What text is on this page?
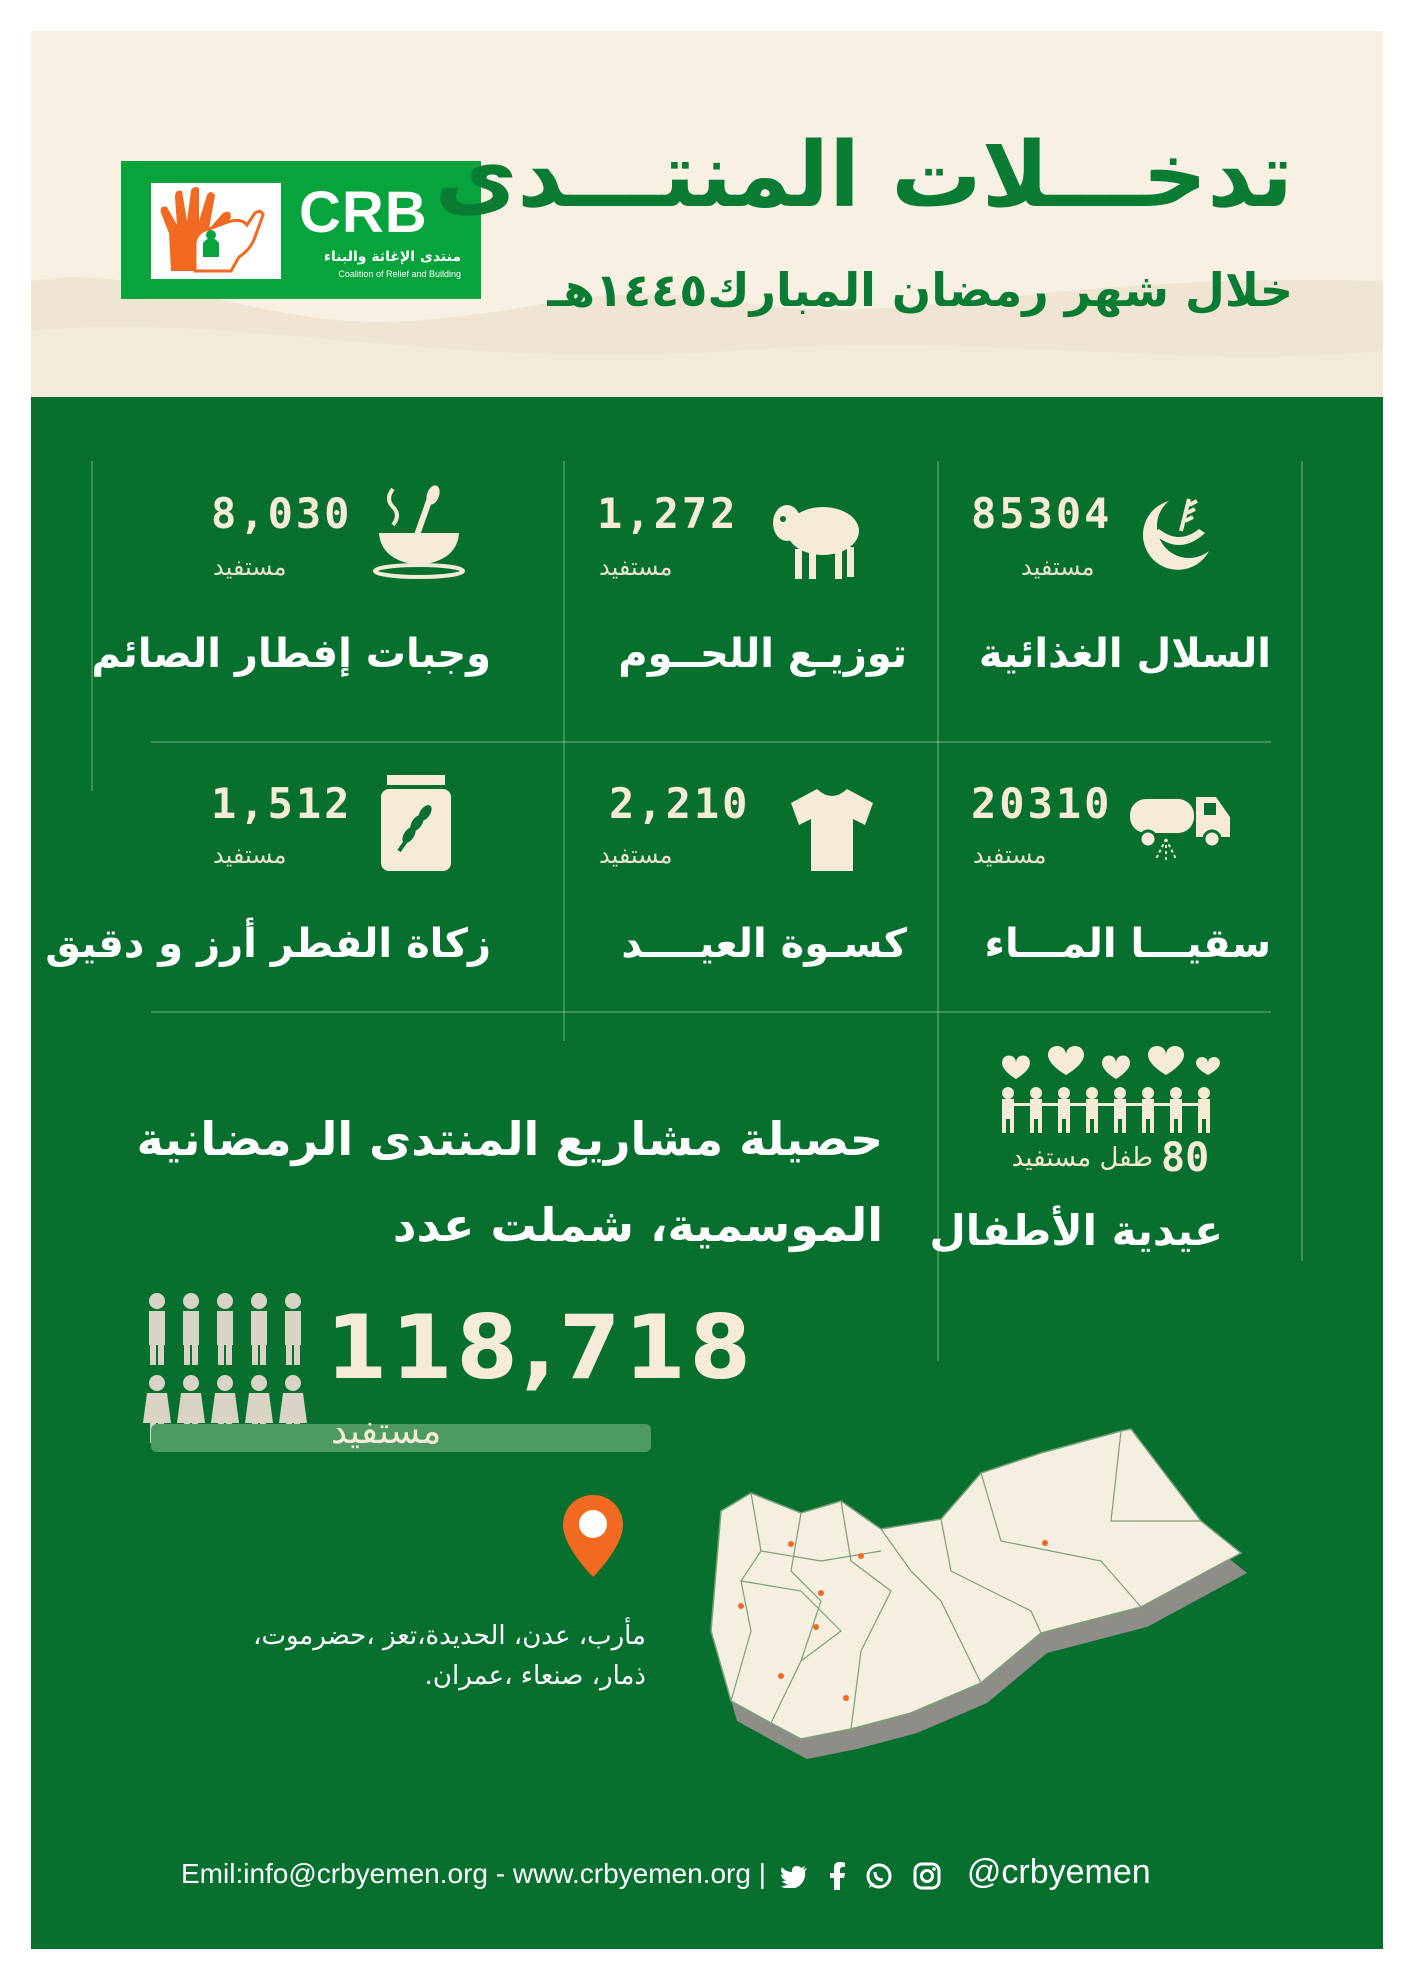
CRB
منتدى الإغاثة والبناء
Coalition of Relief and Building
تدخـــلات المنتـــدى
خلال شهر رمضان المبارك١٤٤٥هـ
85304
مستفيد
السلال الغذائية
1,272
مستفيد
توزيـع اللحــوم
8,030
مستفيد
وجبات إفطار الصائم
20310
مستفيد
سقيـــا المـــاء
2,210
مستفيد
كسـوة العيــــد
1,512
مستفيد
زكاة الفطر أرز و دقيق
80
طفل مستفيد
عيدية الأطفال
حصيلة مشاريع المنتدى الرمضانية
الموسمية، شملت عدد
118,718
مستفيد
مأرب، عدن، الحديدة،تعز ،حضرموت،
ذمار، صنعاء ،عمران.
Emil:info@crbyemen.org - www.crbyemen.org |	@crbyemen
